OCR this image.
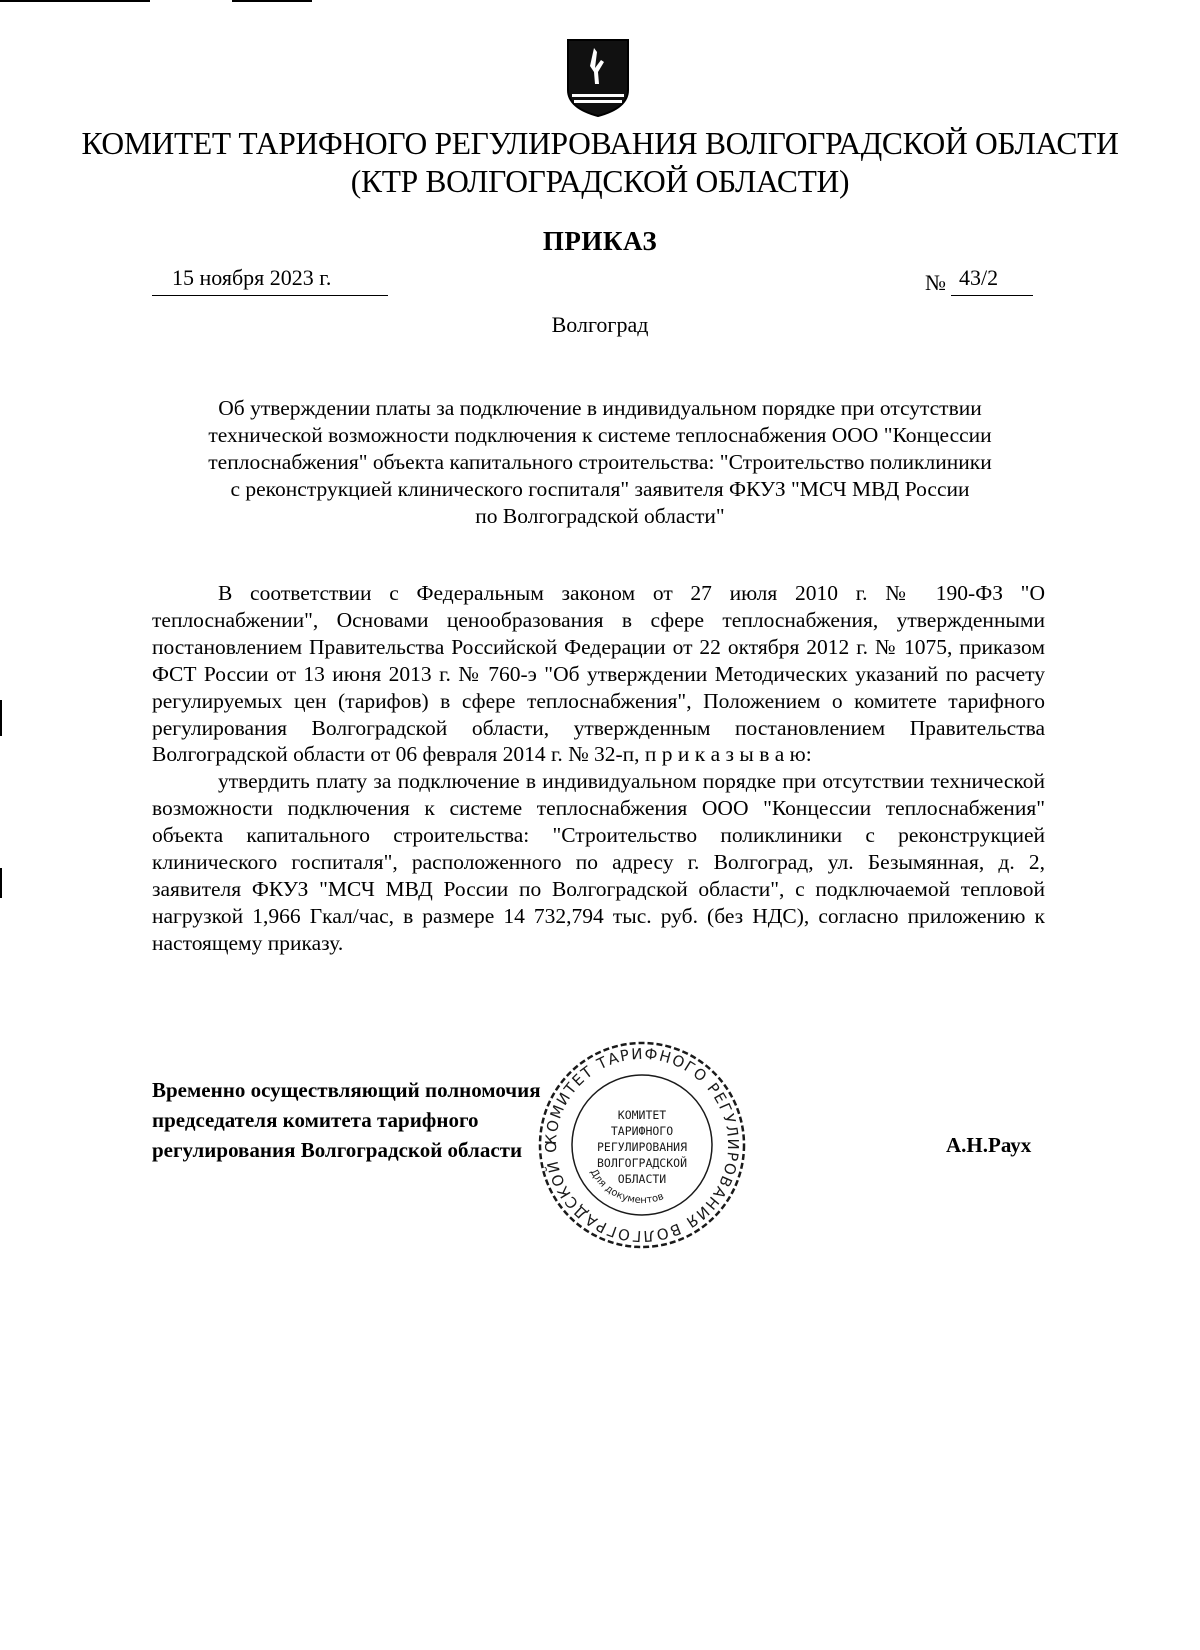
КОМИТЕТ ТАРИФНОГО РЕГУЛИРОВАНИЯ ВОЛГОГРАДСКОЙ ОБЛАСТИ
(КТР ВОЛГОГРАДСКОЙ ОБЛАСТИ)
ПРИКАЗ
15 ноября 2023 г.	№ 43/2
Волгоград
Об утверждении платы за подключение в индивидуальном порядке при отсутствии
технической возможности подключения к системе теплоснабжения ООО "Концессии
теплоснабжения" объекта капитального строительства: "Строительство поликлиники
с реконструкцией клинического госпиталя" заявителя ФКУЗ "МСЧ МВД России
по Волгоградской области"

В соответствии с Федеральным законом от 27 июля 2010 г. № 190-ФЗ "О теплоснабжении", Основами ценообразования в сфере теплоснабжения, утвержденными постановлением Правительства Российской Федерации от 22 октября 2012 г. № 1075, приказом ФСТ России от 13 июня 2013 г. № 760-э "Об утверждении Методических указаний по расчету регулируемых цен (тарифов) в сфере теплоснабжения", Положением о комитете тарифного регулирования Волгоградской области, утвержденным постановлением Правительства Волгоградской области от 06 февраля 2014 г. № 32-п, п р и к а з ы в а ю:

утвердить плату за подключение в индивидуальном порядке при отсутствии технической возможности подключения к системе теплоснабжения ООО "Концессии теплоснабжения" объекта капитального строительства: "Строительство поликлиники с реконструкцией клинического госпиталя", расположенного по адресу г. Волгоград, ул. Безымянная, д. 2, заявителя ФКУЗ "МСЧ МВД России по Волгоградской области", с подключаемой тепловой нагрузкой 1,966 Гкал/час, в размере 14 732,794 тыс. руб. (без НДС), согласно приложению к настоящему приказу.

Временно осуществляющий полномочия
председателя комитета тарифного
регулирования Волгоградской области	А.Н.Раух
КОМИТЕТ ТАРИФНОГО РЕГУЛИРОВАНИЯ ВОЛГОГРАДСКОЙ О
Для документов
КОМИТЕТ
ТАРИФНОГО
РЕГУЛИРОВАНИЯ
ВОЛГОГРАДСКОЙ
ОБЛАСТИ
